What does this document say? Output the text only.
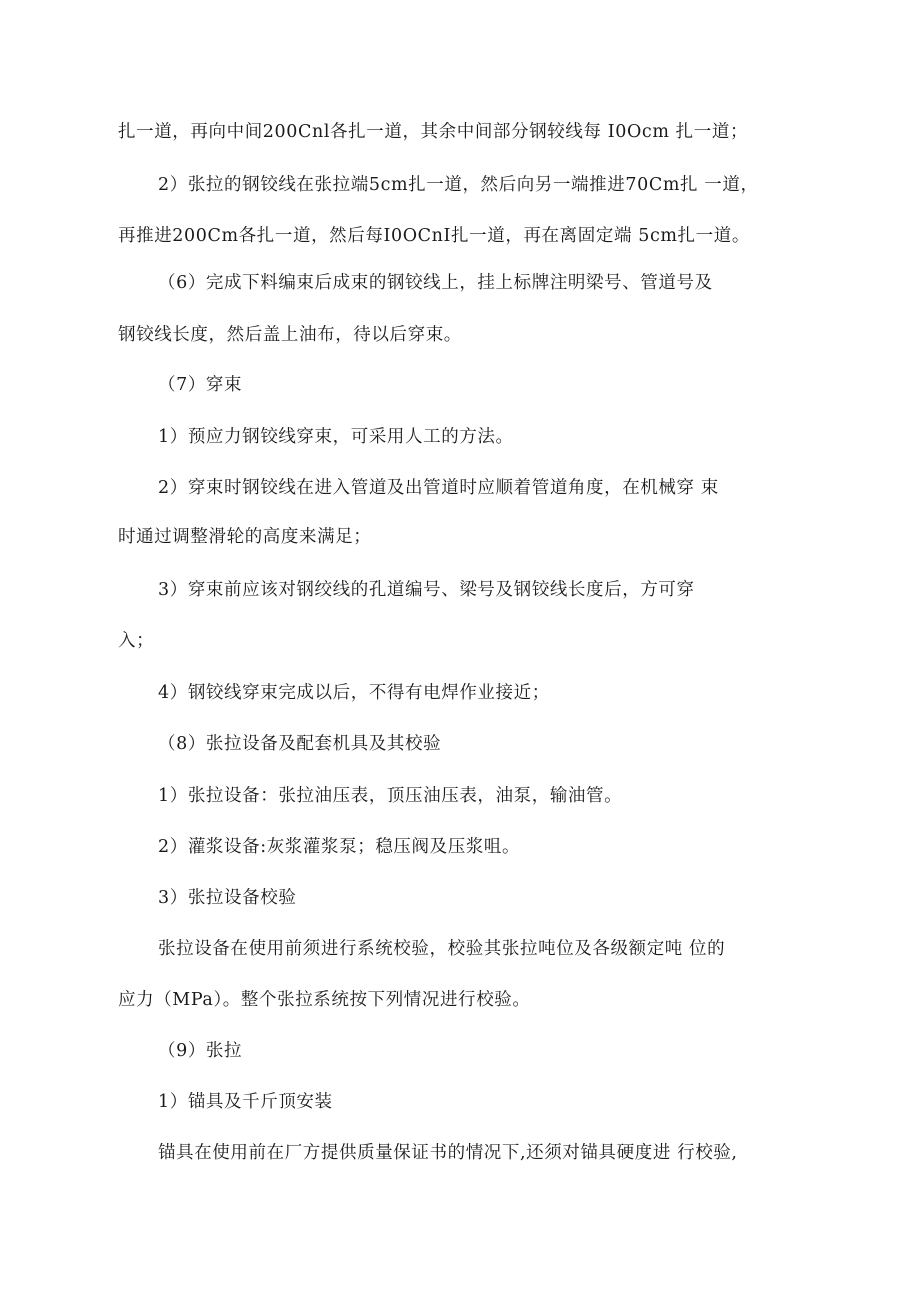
扎一道，再向中间200Cnl各扎一道，其余中间部分钢较线每 I0Ocm 扎一道；
2）张拉的钢铰线在张拉端5cm扎一道，然后向另一端推进70Cm扎 一道，
再推进200Cm各扎一道，然后每I0OCnI扎一道，再在离固定端 5cm扎一道。
（6）完成下料编束后成束的钢铰线上，挂上标牌注明梁号、管道号及
钢铰线长度，然后盖上油布，待以后穿束。
（7）穿束
1）预应力钢铰线穿束，可采用人工的方法。
2）穿束时钢铰线在进入管道及出管道时应顺着管道角度，在机械穿 束
时通过调整滑轮的高度来满足；
3）穿束前应该对钢绞线的孔道编号、梁号及钢铰线长度后，方可穿
入；
4）钢铰线穿束完成以后，不得有电焊作业接近；
（8）张拉设备及配套机具及其校验
1）张拉设备：张拉油压表，顶压油压表，油泵，输油管。
2）灌浆设备:灰浆灌浆泵；稳压阀及压浆咀。
3）张拉设备校验
张拉设备在使用前须进行系统校验，校验其张拉吨位及各级额定吨 位的
应力（MPa）。整个张拉系统按下列情况进行校验。
（9）张拉
1）锚具及千斤顶安装
锚具在使用前在厂方提供质量保证书的情况下,还须对锚具硬度进 行校验,
